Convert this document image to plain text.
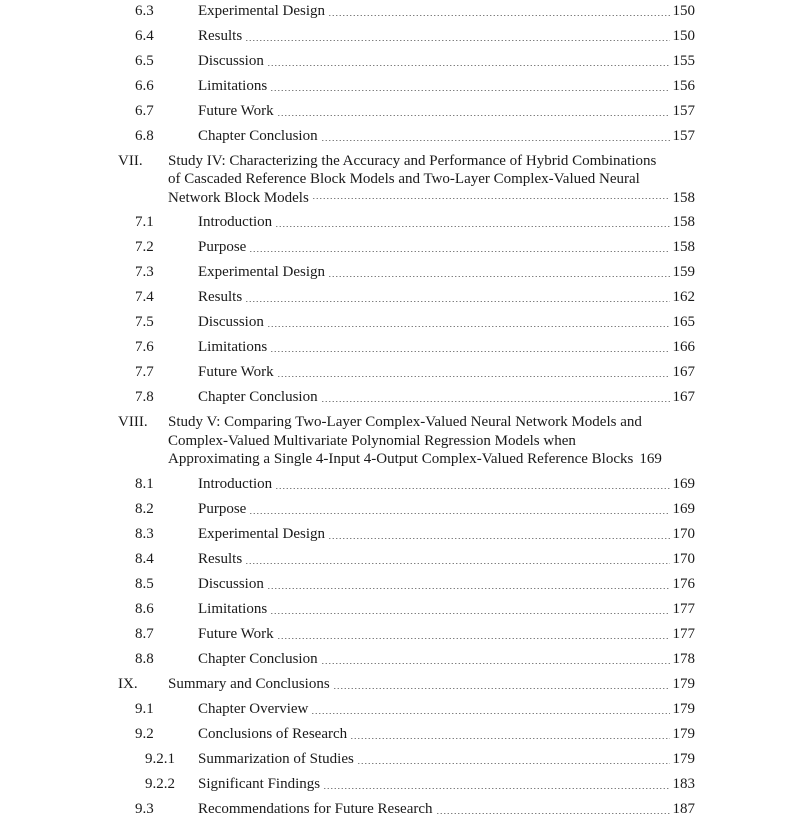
6.3	Experimental Design	150
6.4	Results	150
6.5	Discussion	155
6.6	Limitations	156
6.7	Future Work	157
6.8	Chapter Conclusion	157
VII. Study IV: Characterizing the Accuracy and Performance of Hybrid Combinations
of Cascaded Reference Block Models and Two-Layer Complex-Valued Neural
Network Block Models	158
7.1	Introduction	158
7.2	Purpose	158
7.3	Experimental Design	159
7.4	Results	162
7.5	Discussion	165
7.6	Limitations	166
7.7	Future Work	167
7.8	Chapter Conclusion	167
VIII. Study V: Comparing Two-Layer Complex-Valued Neural Network Models and
Complex-Valued Multivariate Polynomial Regression Models when
Approximating a Single 4-Input 4-Output Complex-Valued Reference Blocks 169
8.1	Introduction	169
8.2	Purpose	169
8.3	Experimental Design	170
8.4	Results	170
8.5	Discussion	176
8.6	Limitations	177
8.7	Future Work	177
8.8	Chapter Conclusion	178
IX. Summary and Conclusions	179
9.1	Chapter Overview	179
9.2	Conclusions of Research	179
9.2.1 Summarization of Studies	179
9.2.2 Significant Findings	183
9.3	Recommendations for Future Research	187
